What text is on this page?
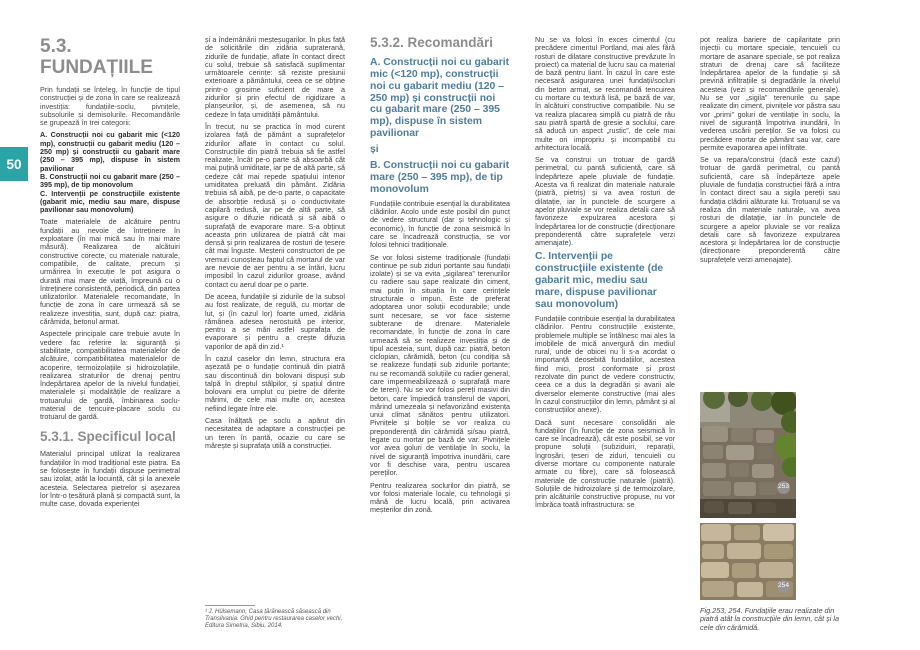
50
5.3.
FUNDAȚIILE

Prin fundații se înțeleg, în funcție de tipul construcției și de zona în care se realizează investiția: fundațiile-soclu, pivnițele, subsolurile și demisolurile. Recomandările se grupează în trei categorii:

A. Construcții noi cu gabarit mic (<120 mp), construcții cu gabarit mediu (120 – 250 mp) și construcții cu gabarit mare (250 – 395 mp), dispuse în sistem pavilionar

B. Construcții noi cu gabarit mare (250 – 395 mp), de tip monovolum

C. Intervenții pe construcțiile existente (gabarit mic, mediu sau mare, dispuse pavilionar sau monovolum)

Toate materialele de alcătuire pentru fundații au nevoie de întreținere în exploatare (în mai mică sau în mai mare măsură). Realizarea de alcătuiri constructive corecte, cu materiale naturale, compatibile, de calitate, precum și urmărirea în execuție le pot asigura o durată mai mare de viață, împreună cu o întreținere consistentă, periodică, din partea utilizatorilor. Materialele recomandate, în funcție de zona în care urmează să se realizeze investiția, sunt, după caz: piatra, cărămida, betonul armat.

Aspectele principale care trebuie avute în vedere fac referire la: siguranță și stabilitate, compatibilitatea materialelor de alcătuire, compatibilitatea materialelor de acoperire, termoizolațiile și hidroizolațiile, realizarea straturilor de drenaj pentru îndepărtarea apelor de la nivelul fundației, materialele și modalitățile de realizare a trotuarului de gardă, îmbinarea soclu-material de tencuire-placare soclu cu trotuarul de gardă.

5.3.1. Specificul local

Materialul principal utilizat la realizarea fundațiilor în mod tradițional este piatra. Ea se folosește în fundații dispuse perimetral sau izolat, atât la locuință, cât și la anexele acesteia. Selectarea pietrelor și așezarea lor într-o țesătură plană și compactă sunt, la multe case, dovada experienței

și a îndemânării meșteșugarilor. În plus față de solicitările din zidăria supraterană, zidurile de fundație, aflate în contact direct cu solul, trebuie să satisfacă suplimentar următoarele cerințe: să reziste presiunii exterioare a pământului, ceea ce se obține printr-o grosime suficient de mare a zidurilor și prin efectul de rigidizare a planșeurilor, și, de asemenea, să nu cedeze în fața umidității pământului.

În trecut, nu se practica în mod curent izolarea față de pământ a suprafețelor zidurilor aflate în contact cu solul. Construcțiile din piatră trebuia să fie astfel realizate, încât pe-o parte să absoarbă cât mai puțină umiditate, iar pe de altă parte, să cedeze cât mai repede spațiului interior umiditatea preluată din pământ. Zidăria trebuia să aibă, pe de-o parte, o capacitate de absorbție redusă și o conductivitate capilară redusă, iar pe de altă parte, să asigure o difuzie ridicată și să aibă o suprafață de evaporare mare. S-a obținut aceasta prin utilizarea de piatră cât mai densă și prin realizarea de rosturi de țesere cât mai înguste. Meșterii constructori de pe vremuri cunoșteau faptul că mortarul de var are nevoie de aer pentru a se întări, lucru imposibil în cazul zidurilor groase, având contact cu aerul doar pe o parte.

De aceea, fundațiile și zidurile de la subsol au fost realizate, de regulă, cu mortar de lut, și (în cazul lor) foarte umed, zidăria rămânea adesea nerostuită pe interior, pentru a se mări astfel suprafața de evaporare și pentru a crește difuzia vaporilor de apă din zid.¹

În cazul caselor din lemn, structura era așezată pe o fundație continuă din piatră sau discontinuă din bolovani dispuși sub talpă în dreptul stâlpilor, și spațiul dintre bolovani era umplut cu pietre de diferite mărimi, de cele mai multe ori, acestea nefiind legate între ele.

Casa înălțată pe soclu a apărut din necesitatea de adaptare a construcției pe un teren în pantă, ocazie cu care se mărește și suprafața utilă a construcției.

¹ J. Hülsemann, Casa țărănească săsească din Transilvania. Ghid pentru restaurarea caselor vechi, Editura Simetria, Sibiu, 2014.
5.3.2. Recomandări

A. Construcții noi cu gabarit mic (<120 mp), construcții noi cu gabarit mediu (120 – 250 mp) și construcții noi cu gabarit mare (250 – 395 mp), dispuse în sistem pavilionar

și

B. Construcții noi cu gabarit mare (250 – 395 mp), de tip monovolum

Fundațiile contribuie esențial la durabilitatea clădirilor. Acolo unde este posibil din punct de vedere structural (dar și tehnologic și economic), în funcție de zona seismică în care se încadrează construcția, se vor folosi tehnici tradiționale.

Se vor folosi sisteme tradiționale (fundații continue pe sub ziduri portante sau fundații izolate) și se va evita „sigilarea” terenurilor cu radiere sau șape realizate din ciment, mai puțin în situația în care cerințele structurale o impun. Este de preferat adoptarea unor soluții ecodurabile; unde sunt necesare, se vor face sisteme subterane de drenare. Materialele recomandate, în funcție de zona în care urmează să se realizeze investiția și de tipul acesteia, sunt, după caz: piatră, beton ciclopian, cărămidă, beton (cu condiția să se realizeze fundații sub zidurile portante; nu se recomandă soluțiile cu radier general, care impermeabilizează o suprafață mare de teren). Nu se vor folosi pereți masivi din beton, care împiedică transferul de vapori, mărind umezeala și nefavorizând existența unui climat sănătos pentru utilizatori. Pivnițele și bolțile se vor realiza cu preponderență din cărămidă și/sau piatră, legate cu mortar pe bază de var. Pivnițele vor avea goluri de ventilație în soclu, la nivel de siguranță împotriva inundării, care vor fi deschise vara, pentru uscarea pereților.

Pentru realizarea soclurilor din piatră, se vor folosi materiale locale, cu tehnologii și mână de lucru locală, prin activarea meșterilor din zonă.

Nu se va folosi în exces cimentul (cu precădere cimentul Portland, mai ales fără rosturi de dilatare constructive prevăzute în proiect) ca material de lucru sau ca material de bază pentru liant. În cazul în care este necesară asigurarea unei fundații/socluri din beton armat, se recomandă tencuirea cu mortare cu textură lisă, pe bază de var, în alcătuiri constructive compatibile. Nu se va realiza placarea simplă cu piatră de râu sau piatră spartă de gresie a soclului, care să aducă un aspect „rustic”, de cele mai multe ori impropriu și incompatibil cu arhitectura locală.

Se va construi un trotuar de gardă perimetral, cu pantă suficientă, care să îndepărteze apele pluviale de fundație. Acesta va fi realizat din materiale naturale (piatră, pietriș) și va avea rosturi de dilatație, iar în punctele de scurgere a apelor pluviale se vor realiza detalii care să favorizeze expulzarea acestora și îndepărtarea lor de construcție (direcționare preponderentă către suprafețele verzi amenajate).

C. Intervenții pe construcțiile existente (de gabarit mic, mediu sau mare, dispuse pavilionar sau monovolum)

Fundațiile contribuie esențial la durabilitatea clădirilor. Pentru construcțiile existente, problemele multiple se întâlnesc mai ales la imobilele de mică anvergură din mediul rural, unde de obicei nu li s-a acordat o importanță deosebită fundațiilor, acestea fiind mici, prost conformate și prost rezolvate din punct de vedere constructiv, ceea ce a dus la degradări și avarii ale diverselor elemente constructive (mai ales în cazul construcțiilor din lemn, pământ și al construcțiilor anexe).

Dacă sunt necesare consolidări ale fundațiilor (în funcție de zona seismică în care se încadrează), cât este posibil, se vor propune soluții (subziduiri, reparații, îngroșări, țeseri de ziduri, tencuieli cu diverse mortare cu componente naturale armate cu fibre), care să folosească materiale de construcție naturale (piatră). Soluțiile de hidroizolare și de termoizolare, prin alcătuirile constructive propuse, nu vor îmbrăca toată infrastructura: se

pot realiza bariere de capilaritate prin injecții cu mortare speciale, tencuieli cu mortare de asanare speciale, se pot realiza straturi de drenaj care să faciliteze îndepărtarea apelor de la fundație și să prevină infiltrațiile și degradările la nivelul acesteia (vezi și recomandările generale). Nu se vor „sigila” terenurile cu șape realizate din ciment, pivnițele vor păstra sau vor „primi” goluri de ventilație în soclu, la nivel de siguranță împotriva inundării, în vederea uscării pereților. Se va folosi cu precădere mortar de pământ sau var, care permite evaporarea apei infiltrate.

Se va repara/construi (dacă este cazul) trotuar de gardă perimetral, cu pantă suficientă, care să îndepărteze apele pluviale de fundația construcției fără a intra în contact direct sau a sigila pereții sau fundația clădirii alăturate lui. Trotuarul se va realiza din materiale naturale, va avea rosturi de dilatație, iar în punctele de scurgere a apelor pluviale se vor realiza detalii care să favorizeze expulzarea acestora și îndepărtarea lor de construcție (direcționare preponderentă către suprafețele verzi amenajate).

253
254
Fig.253, 254. Fundațiile erau realizate din piatră atât la construcțiile din lemn, cât și la cele din cărămidă.
